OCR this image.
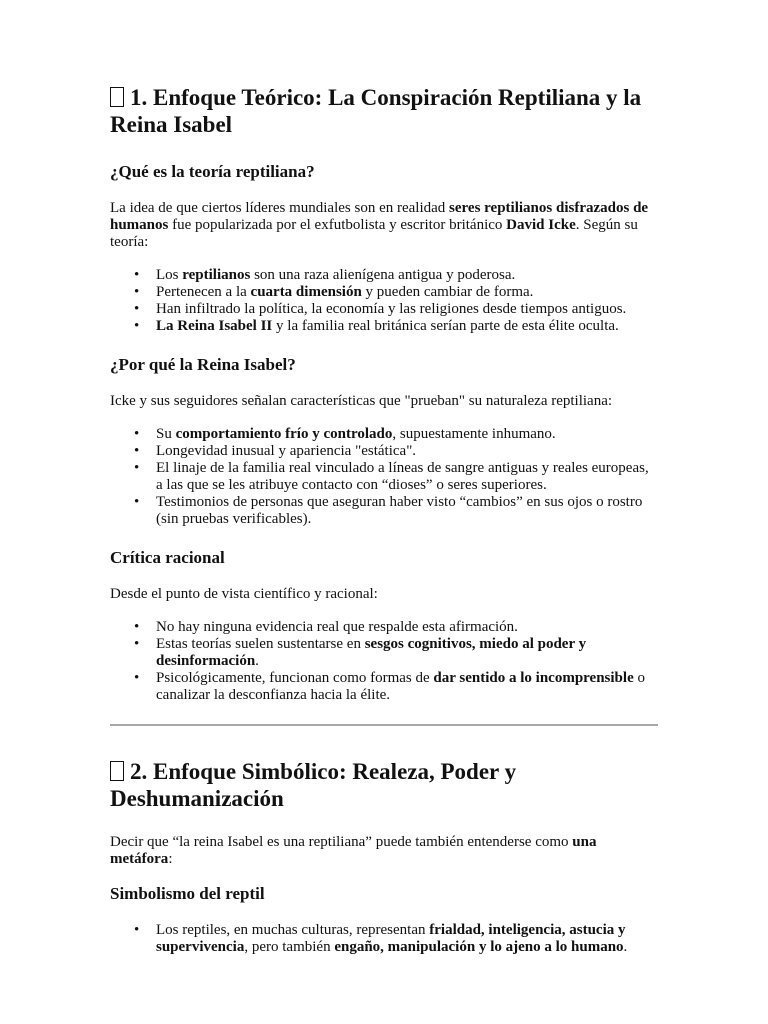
1. Enfoque Teórico: La Conspiración Reptiliana y la Reina Isabel
¿Qué es la teoría reptiliana?

La idea de que ciertos líderes mundiales son en realidad seres reptilianos disfrazados de humanos fue popularizada por el exfutbolista y escritor británico David Icke. Según su teoría:

• Los reptilianos son una raza alienígena antigua y poderosa.
• Pertenecen a la cuarta dimensión y pueden cambiar de forma.
• Han infiltrado la política, la economía y las religiones desde tiempos antiguos.
• La Reina Isabel II y la familia real británica serían parte de esta élite oculta.
¿Por qué la Reina Isabel?

Icke y sus seguidores señalan características que "prueban" su naturaleza reptiliana:

• Su comportamiento frío y controlado, supuestamente inhumano.
• Longevidad inusual y apariencia "estática".
• El linaje de la familia real vinculado a líneas de sangre antiguas y reales europeas, a las que se les atribuye contacto con “dioses” o seres superiores.
• Testimonios de personas que aseguran haber visto “cambios” en sus ojos o rostro (sin pruebas verificables).
Crítica racional

Desde el punto de vista científico y racional:

• No hay ninguna evidencia real que respalde esta afirmación.
• Estas teorías suelen sustentarse en sesgos cognitivos, miedo al poder y desinformación.
• Psicológicamente, funcionan como formas de dar sentido a lo incomprensible o canalizar la desconfianza hacia la élite.
2. Enfoque Simbólico: Realeza, Poder y Deshumanización

Decir que “la reina Isabel es una reptiliana” puede también entenderse como una metáfora:

Simbolismo del reptil
• Los reptiles, en muchas culturas, representan frialdad, inteligencia, astucia y supervivencia, pero también engaño, manipulación y lo ajeno a lo humano.
